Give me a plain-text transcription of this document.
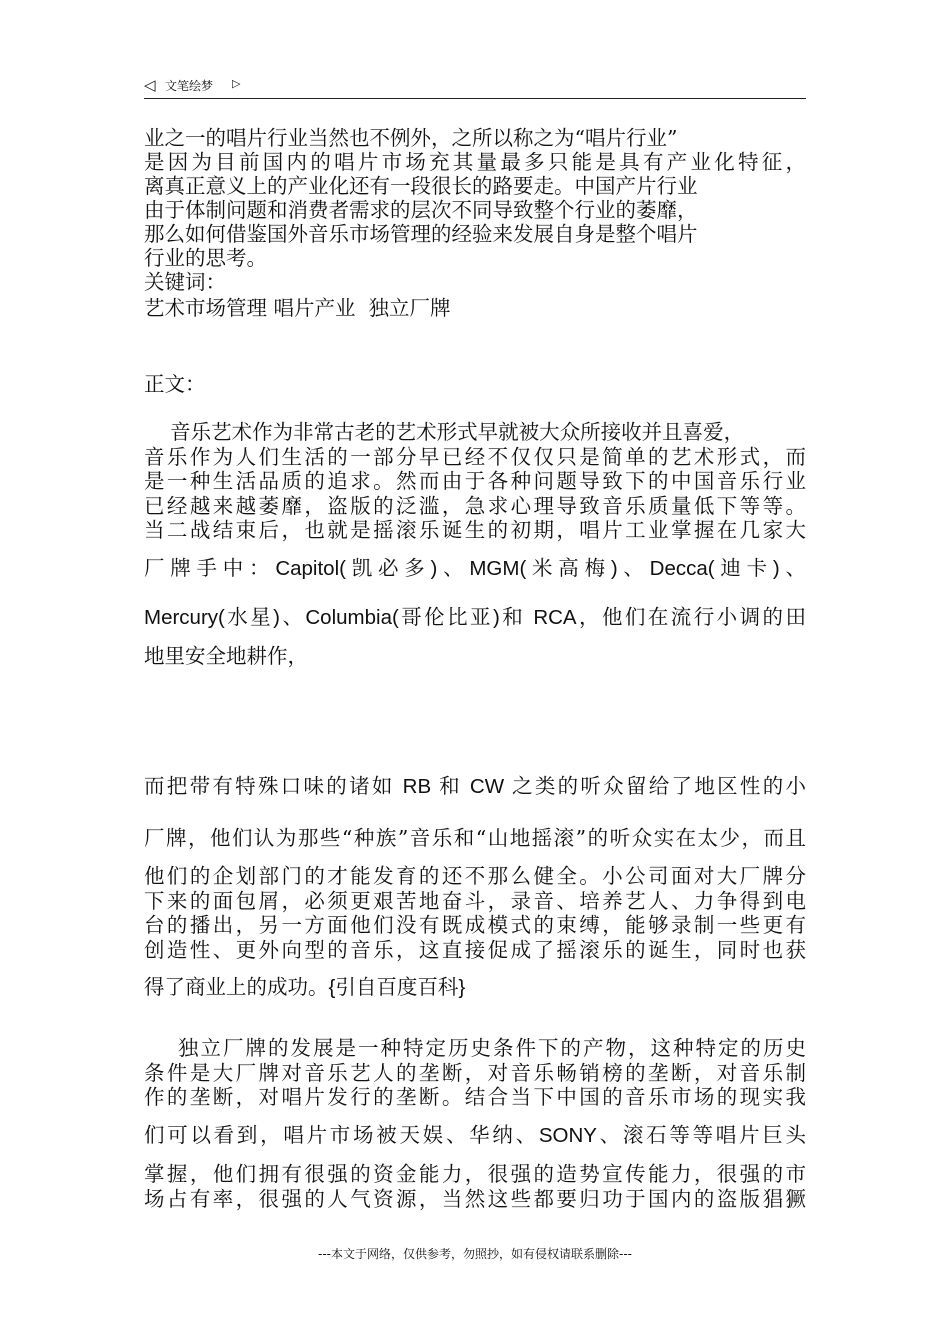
◁ 文笔绘梦 ▷
业之一的唱片行业当然也不例外，之所以称之为“唱片行业”
是因为目前国内的唱片市场充其量最多只能是具有产业化特征，
离真正意义上的产业化还有一段很长的路要走。中国产片行业
由于体制问题和消费者需求的层次不同导致整个行业的萎靡，
那么如何借鉴国外音乐市场管理的经验来发展自身是整个唱片
行业的思考。
关键词：
艺术市场管理 唱片产业  独立厂牌
正文：
音乐艺术作为非常古老的艺术形式早就被大众所接收并且喜爱，
音乐作为人们生活的一部分早已经不仅仅只是简单的艺术形式，而
是一种生活品质的追求。然而由于各种问题导致下的中国音乐行业
已经越来越萎靡，盗版的泛滥，急求心理导致音乐质量低下等等。
当二战结束后，也就是摇滚乐诞生的初期，唱片工业掌握在几家大
厂牌手中：Capitol(凯必多)、MGM(米高梅)、Decca(迪卡)、
Mercury(水星)、Columbia(哥伦比亚)和 RCA，他们在流行小调的田
地里安全地耕作，
而把带有特殊口味的诸如 RB 和 CW 之类的听众留给了地区性的小
厂牌，他们认为那些“种族”音乐和“山地摇滚”的听众实在太少，而且
他们的企划部门的才能发育的还不那么健全。小公司面对大厂牌分
下来的面包屑，必须更艰苦地奋斗，录音、培养艺人、力争得到电
台的播出，另一方面他们没有既成模式的束缚，能够录制一些更有
创造性、更外向型的音乐，这直接促成了摇滚乐的诞生，同时也获
得了商业上的成功。{引自百度百科}
独立厂牌的发展是一种特定历史条件下的产物，这种特定的历史
条件是大厂牌对音乐艺人的垄断，对音乐畅销榜的垄断，对音乐制
作的垄断，对唱片发行的垄断。结合当下中国的音乐市场的现实我
们可以看到，唱片市场被天娱、华纳、SONY、滚石等等唱片巨头
掌握，他们拥有很强的资金能力，很强的造势宣传能力，很强的市
场占有率，很强的人气资源，当然这些都要归功于国内的盗版猖獗
---本文于网络，仅供参考，勿照抄，如有侵权请联系删除---
